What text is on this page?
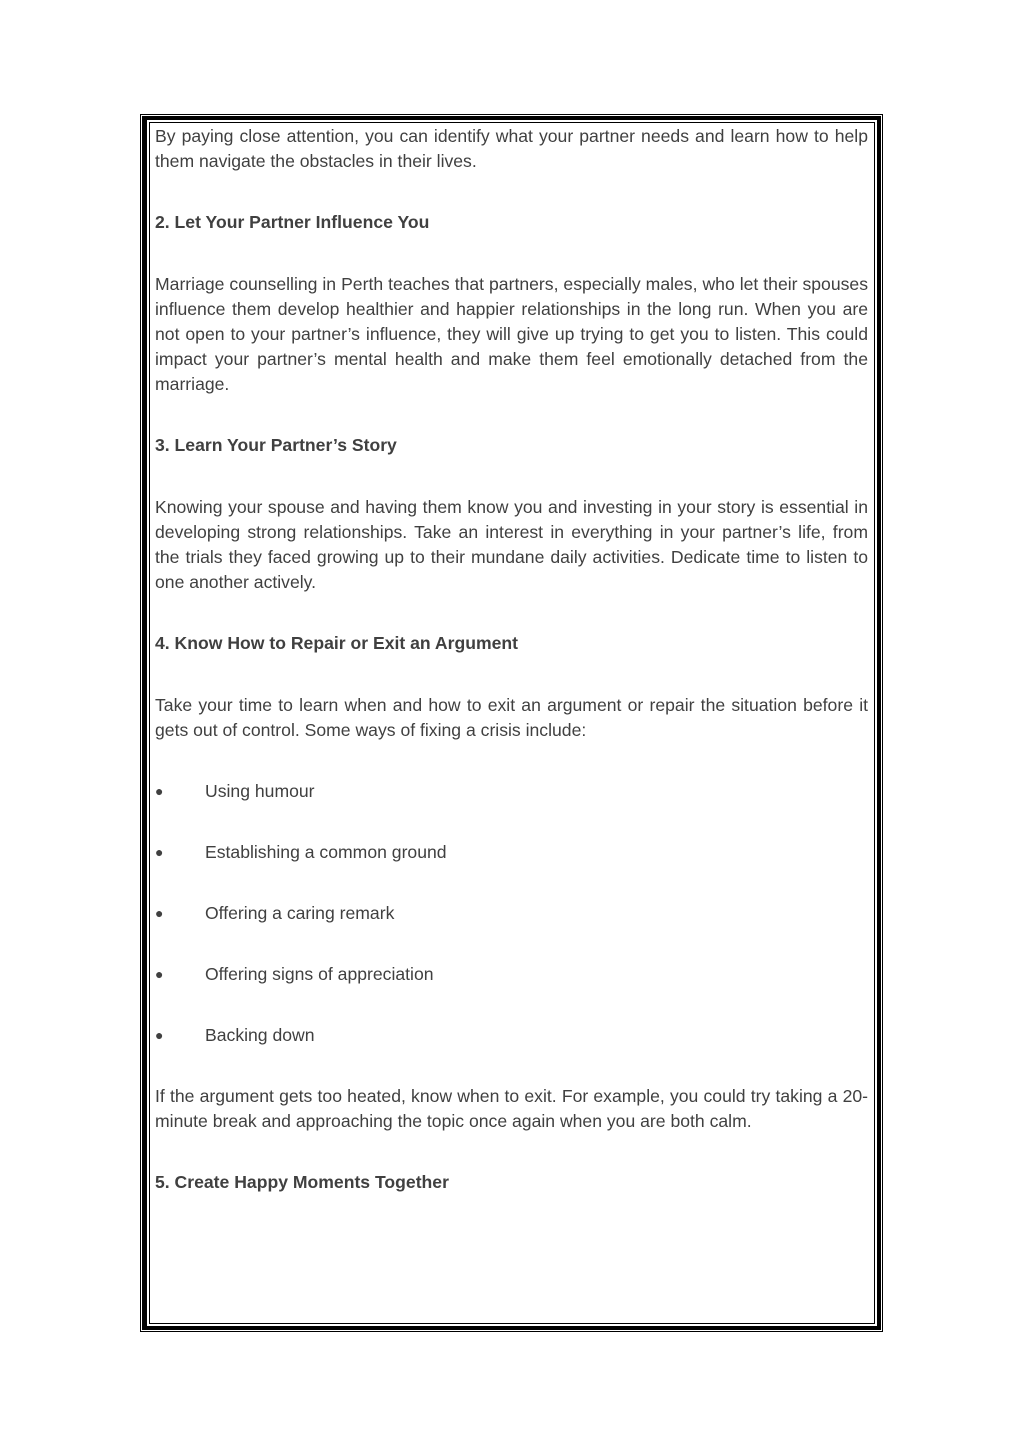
By paying close attention, you can identify what your partner needs and learn how to help them navigate the obstacles in their lives.

2. Let Your Partner Influence You

Marriage counselling in Perth teaches that partners, especially males, who let their spouses influence them develop healthier and happier relationships in the long run. When you are not open to your partner’s influence, they will give up trying to get you to listen. This could impact your partner’s mental health and make them feel emotionally detached from the marriage.

3. Learn Your Partner’s Story

Knowing your spouse and having them know you and investing in your story is essential in developing strong relationships. Take an interest in everything in your partner’s life, from the trials they faced growing up to their mundane daily activities. Dedicate time to listen to one another actively.

4. Know How to Repair or Exit an Argument

Take your time to learn when and how to exit an argument or repair the situation before it gets out of control. Some ways of fixing a crisis include:

● Using humour
● Establishing a common ground
● Offering a caring remark
● Offering signs of appreciation
● Backing down

If the argument gets too heated, know when to exit. For example, you could try taking a 20-minute break and approaching the topic once again when you are both calm.

5. Create Happy Moments Together
